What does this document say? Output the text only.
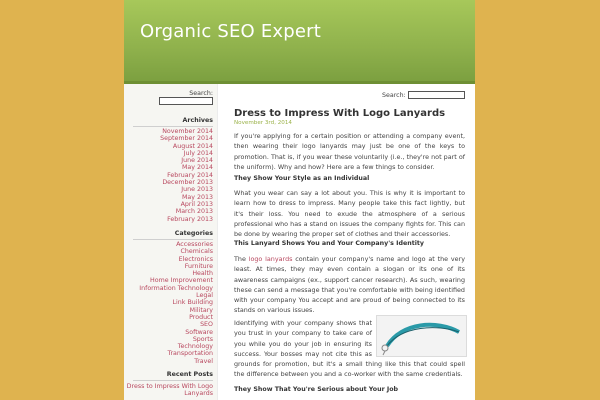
Organic SEO Expert
Search:
Archives
November 2014
September 2014
August 2014
July 2014
June 2014
May 2014
February 2014
December 2013
June 2013
May 2013
April 2013
March 2013
February 2013
Categories
Accessories
Chemicals
Electronics
Furniture
Health
Home Improvement
Information Technology
Legal
Link Building
Military
Product
SEO
Software
Sports
Technology
Transportation
Travel
Recent Posts
Dress to Impress With Logo Lanyards
Search:
Dress to Impress With Logo Lanyards
November 3rd, 2014

If you're applying for a certain position or attending a company event, then wearing their logo lanyards may just be one of the keys to promotion. That is, if you wear these voluntarily (i.e., they're not part of the uniform). Why and how? Here are a few things to consider.

They Show Your Style as an Individual

What you wear can say a lot about you. This is why it is important to learn how to dress to impress. Many people take this fact lightly, but it's their loss. You need to exude the atmosphere of a serious professional who has a stand on issues the company fights for. This can be done by wearing the proper set of clothes and their accessories.

This Lanyard Shows You and Your Company's Identity

The logo lanyards contain your company's name and logo at the very least. At times, they may even contain a slogan or its one of its awareness campaigns (ex., support cancer research). As such, wearing these can send a message that you're comfortable with being identified with your company You accept and are proud of being connected to its stands on various issues.

Identifying with your company shows that you trust in your company to take care of you while you do your job in ensuring its success. Your bosses may not cite this as grounds for promotion, but it's a small thing like this that could spell the difference between you and a co-worker with the same credentials.

They Show That You're Serious about Your Job
